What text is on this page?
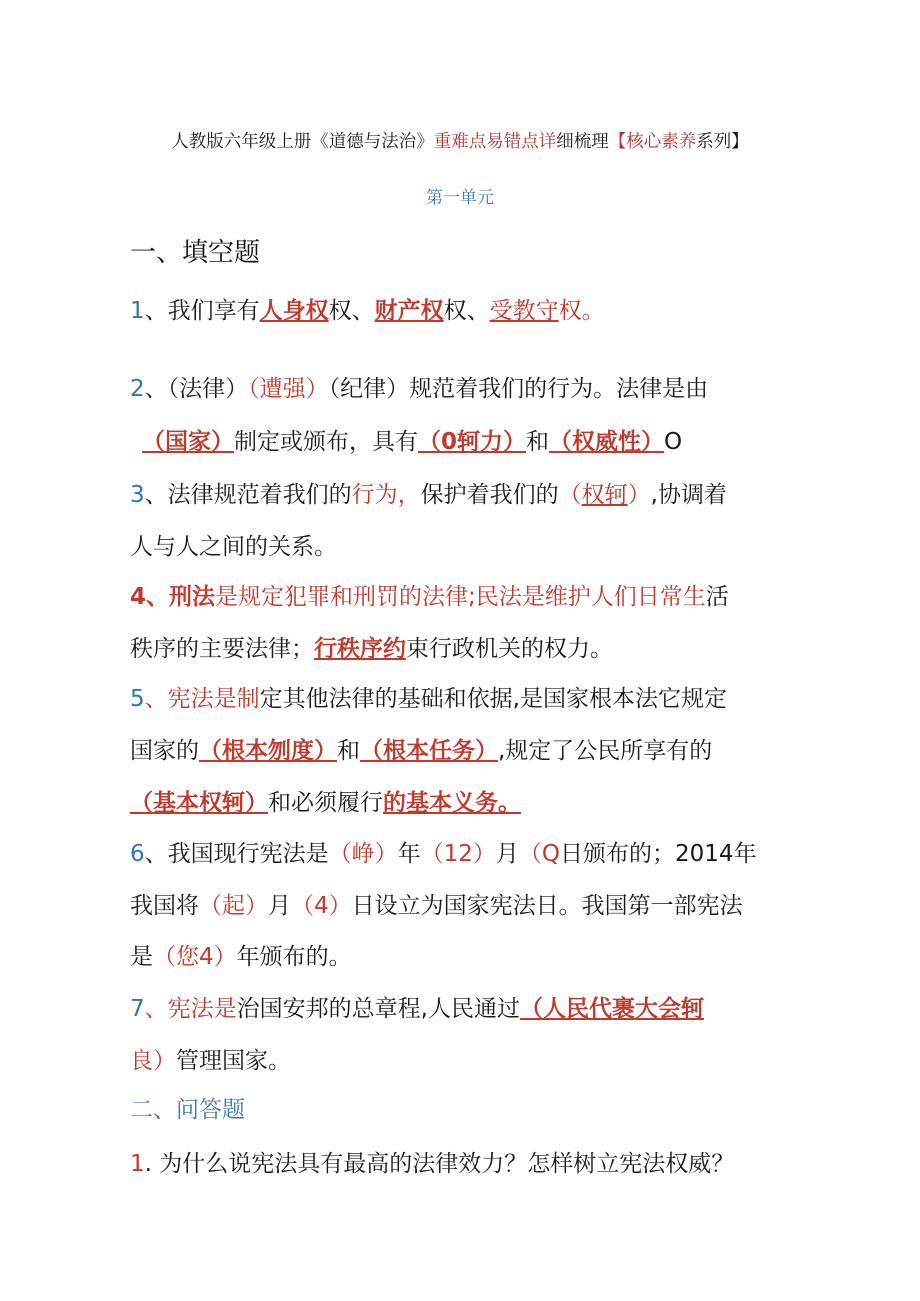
人教版六年级上册《道德与法治》重难点易错点详细梳理【核心素养系列】
第一单元
一、填空题
1、我们享有人身权权、财产权权、受教守权。
2、（法律）（遭强）（纪律）规范着我们的行为。法律是由
（国家）制定或颁布，具有（0轲力）和（权威性）O
3、法律规范着我们的行为，保护着我们的（权轲）,协调着
人与人之间的关系。
4、刑法是规定犯罪和刑罚的法律;民法是维护人们日常生活
秩序的主要法律；行秩序约束行政机关的权力。
5、宪法是制定其他法律的基础和依据,是国家根本法它规定
国家的（根本刎度）和（根本任务）,规定了公民所享有的
（基本权轲）和必须履行的基本义务。
6、我国现行宪法是（峥）年（12）月（Q日颁布的；2014年
我国将（起）月（4）日设立为国家宪法日。我国第一部宪法
是（您4）年颁布的。
7、宪法是治国安邦的总章程,人民通过（人民代裹大会轲
良）管理国家。
二、问答题
1. 为什么说宪法具有最高的法律效力？怎样树立宪法权威？
